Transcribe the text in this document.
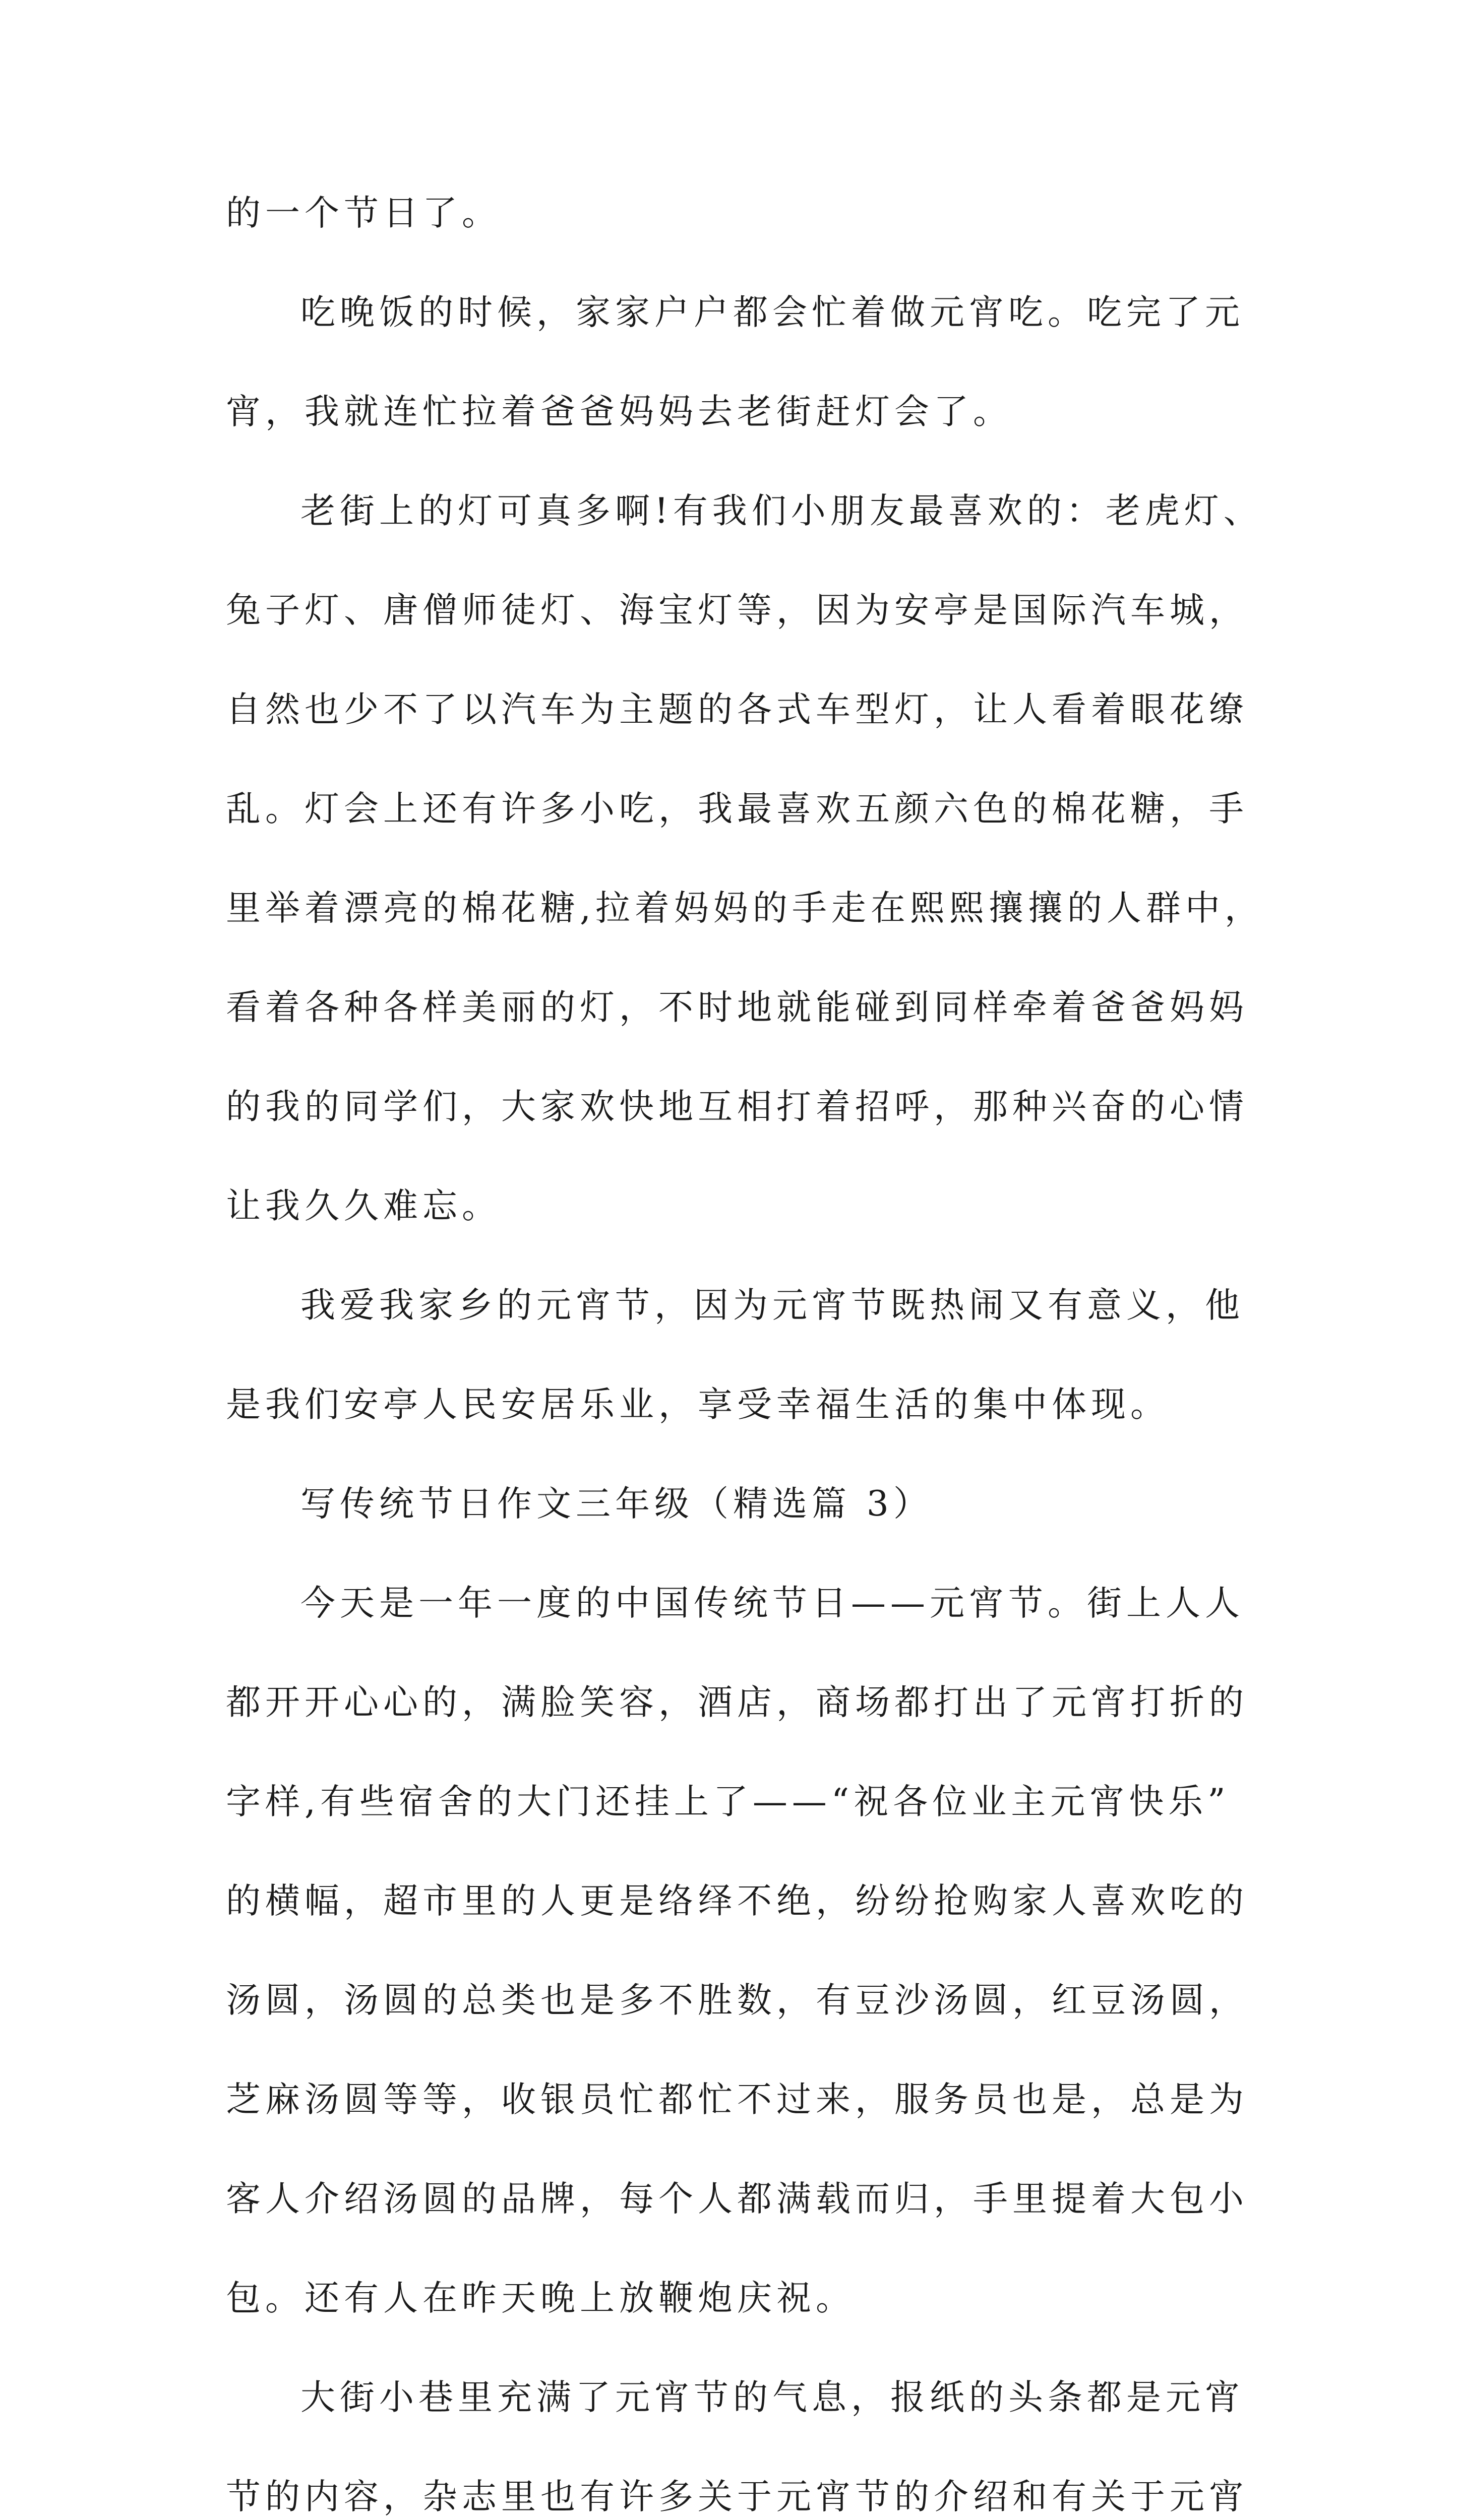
的一个节日了。
吃晚饭的时候，家家户户都会忙着做元宵吃。吃完了元
宵，我就连忙拉着爸爸妈妈去老街赶灯会了。
老街上的灯可真多啊!有我们小朋友最喜欢的：老虎灯、
兔子灯、唐僧师徒灯、海宝灯等，因为安亭是国际汽车城，
自然也少不了以汽车为主题的各式车型灯，让人看着眼花缭
乱。灯会上还有许多小吃，我最喜欢五颜六色的棉花糖，手
里举着漂亮的棉花糖,拉着妈妈的手走在熙熙攘攘的人群中，
看着各种各样美丽的灯，不时地就能碰到同样牵着爸爸妈妈
的我的同学们，大家欢快地互相打着招呼，那种兴奋的心情
让我久久难忘。
我爱我家乡的元宵节，因为元宵节既热闹又有意义，他
是我们安亭人民安居乐业，享受幸福生活的集中体现。
写传统节日作文三年级（精选篇 3）
今天是一年一度的中国传统节日——元宵节。街上人人
都开开心心的，满脸笑容，酒店，商场都打出了元宵打折的
字样,有些宿舍的大门还挂上了——“祝各位业主元宵快乐”
的横幅，超市里的人更是络绎不绝，纷纷抢购家人喜欢吃的
汤圆，汤圆的总类也是多不胜数，有豆沙汤圆，红豆汤圆，
芝麻汤圆等等，收银员忙都忙不过来，服务员也是，总是为
客人介绍汤圆的品牌，每个人都满载而归，手里提着大包小
包。还有人在昨天晚上放鞭炮庆祝。
大街小巷里充满了元宵节的气息，报纸的头条都是元宵
节的内容，杂志里也有许多关于元宵节的介绍和有关于元宵
